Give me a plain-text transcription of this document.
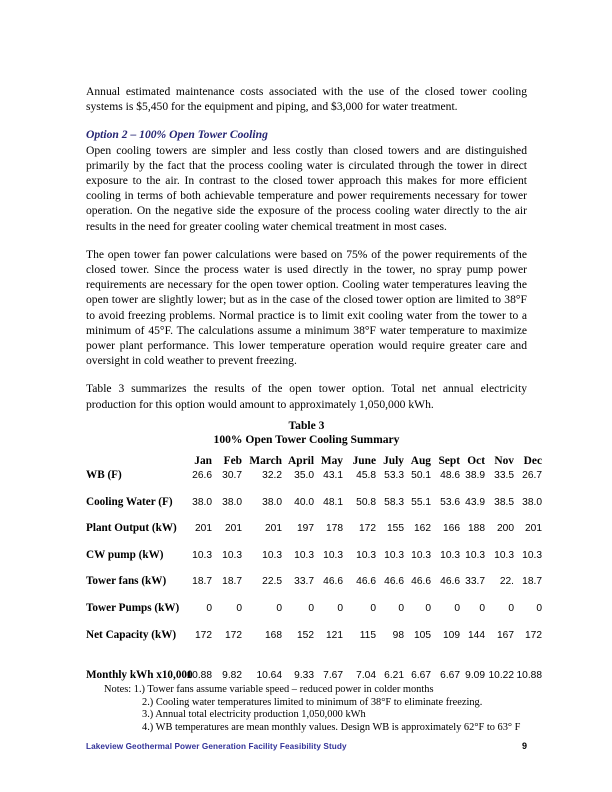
Annual estimated maintenance costs associated with the use of the closed tower cooling systems is $5,450 for the equipment and piping, and $3,000 for water treatment.

Option 2 – 100% Open Tower Cooling

Open cooling towers are simpler and less costly than closed towers and are distinguished primarily by the fact that the process cooling water is circulated through the tower in direct exposure to the air. In contrast to the closed tower approach this makes for more efficient cooling in terms of both achievable temperature and power requirements necessary for tower operation. On the negative side the exposure of the process cooling water directly to the air results in the need for greater cooling water chemical treatment in most cases.

The open tower fan power calculations were based on 75% of the power requirements of the closed tower. Since the process water is used directly in the tower, no spray pump power requirements are necessary for the open tower option. Cooling water temperatures leaving the open tower are slightly lower; but as in the case of the closed tower option are limited to 38°F to avoid freezing problems. Normal practice is to limit exit cooling water from the tower to a minimum of 45°F. The calculations assume a minimum 38°F water temperature to maximize power plant performance. This lower temperature operation would require greater care and oversight in cold weather to prevent freezing.

Table 3 summarizes the results of the open tower option. Total net annual electricity production for this option would amount to approximately 1,050,000 kWh.

Table 3
100% Open Tower Cooling Summary
	Jan	Feb	March	April	May	June	July	Aug	Sept	Oct	Nov	Dec
WB (F)	26.6	30.7	32.2	35.0	43.1	45.8	53.3	50.1	48.6	38.9	33.5	26.7
Cooling Water (F)	38.0	38.0	38.0	40.0	48.1	50.8	58.3	55.1	53.6	43.9	38.5	38.0
Plant Output (kW)	201	201	201	197	178	172	155	162	166	188	200	201
CW pump (kW)	10.3	10.3	10.3	10.3	10.3	10.3	10.3	10.3	10.3	10.3	10.3	10.3
Tower fans (kW)	18.7	18.7	22.5	33.7	46.6	46.6	46.6	46.6	46.6	33.7	22.	18.7
Tower Pumps (kW)	0	0	0	0	0	0	0	0	0	0	0	0
Net Capacity (kW)	172	172	168	152	121	115	98	105	109	144	167	172
Monthly kWh x10,000	10.88	9.82	10.64	9.33	7.67	7.04	6.21	6.67	6.67	9.09	10.22	10.88
Notes: 1.) Tower fans assume variable speed – reduced power in colder months
2.) Cooling water temperatures limited to minimum of 38°F to eliminate freezing.
3.) Annual total electricity production 1,050,000 kWh
4.) WB temperatures are mean monthly values. Design WB is approximately 62°F to 63° F
Lakeview Geothermal Power Generation Facility Feasibility Study	9
